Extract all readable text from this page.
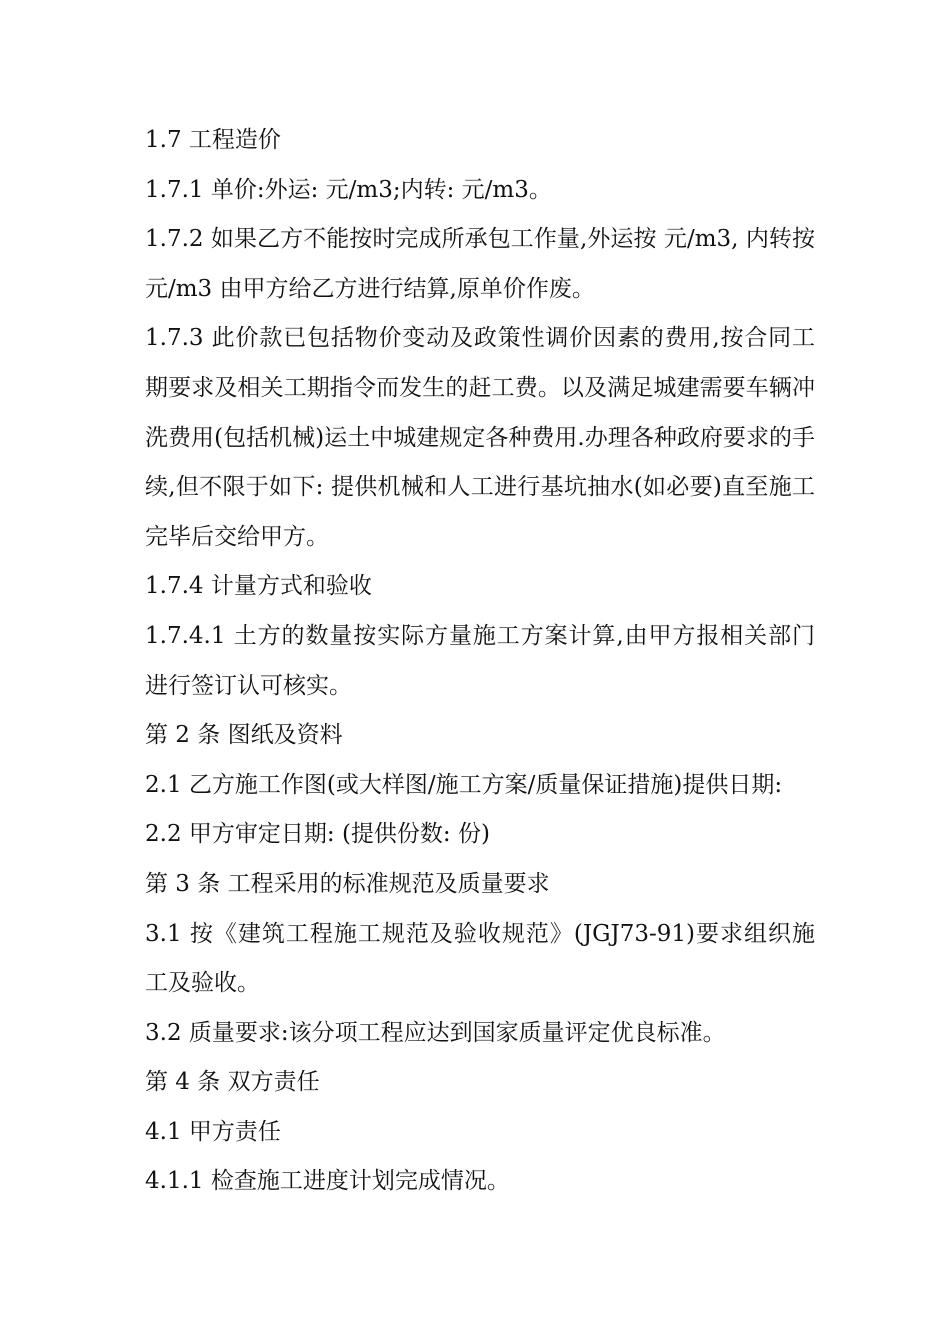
1.7 工程造价

1.7.1 单价:外运: 元/m3;内转: 元/m3。

1.7.2 如果乙方不能按时完成所承包工作量,外运按 元/m3, 内转按 元/m3 由甲方给乙方进行结算,原单价作废。

1.7.3 此价款已包括物价变动及政策性调价因素的费用,按合同工期要求及相关工期指令而发生的赶工费。以及满足城建需要车辆冲洗费用(包括机械)运土中城建规定各种费用.办理各种政府要求的手续,但不限于如下: 提供机械和人工进行基坑抽水(如必要)直至施工完毕后交给甲方。

1.7.4 计量方式和验收

1.7.4.1 土方的数量按实际方量施工方案计算,由甲方报相关部门进行签订认可核实。

第 2 条 图纸及资料

2.1 乙方施工作图(或大样图/施工方案/质量保证措施)提供日期:

2.2 甲方审定日期: (提供份数: 份)

第 3 条 工程采用的标准规范及质量要求

3.1 按《建筑工程施工规范及验收规范》(JGJ73-91)要求组织施工及验收。

3.2 质量要求:该分项工程应达到国家质量评定优良标准。

第 4 条 双方责任

4.1 甲方责任

4.1.1 检查施工进度计划完成情况。
